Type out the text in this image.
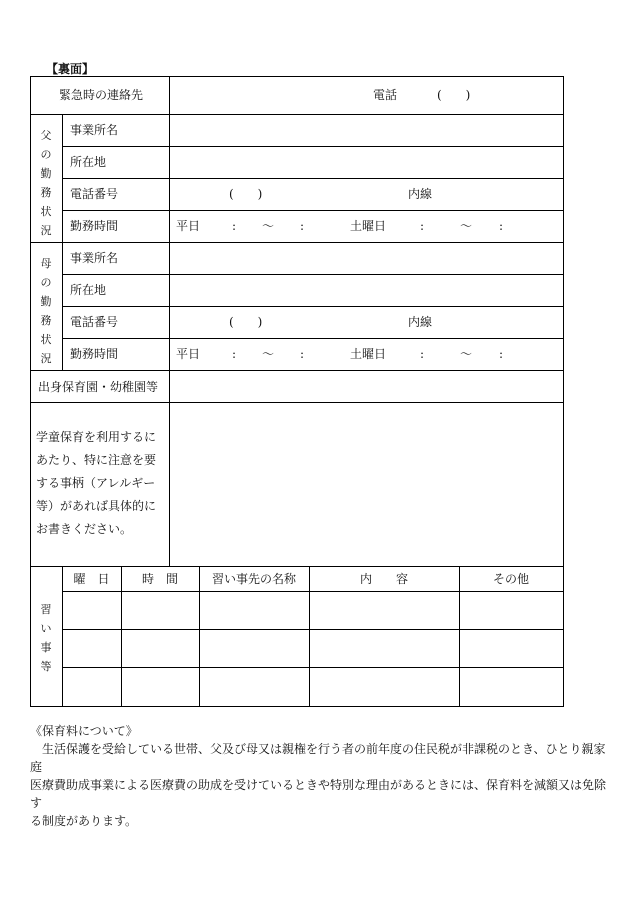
【裏面】
緊急時の連絡先	電話	(　　)
父の勤務状況
事業所名
所在地
電話番号	(　　)	内線
勤務時間	平日	: 〜 :	土曜日	:	〜 :
母の勤務状況
事業所名
所在地
電話番号	(　　)	内線
勤務時間	平日	: 〜 :	土曜日	:	〜 :
出身保育園・幼稚園等
学童保育を利用するに
あたり、特に注意を要
する事柄（アレルギー
等）があれば具体的に
お書きください。
習い事等
曜　日	時　間	習い事先の名称	内　　容	その他
《保育料について》
　生活保護を受給している世帯、父及び母又は親権を行う者の前年度の住民税が非課税のとき、ひとり親家庭
医療費助成事業による医療費の助成を受けているときや特別な理由があるときには、保育料を減額又は免除す
る制度があります。
